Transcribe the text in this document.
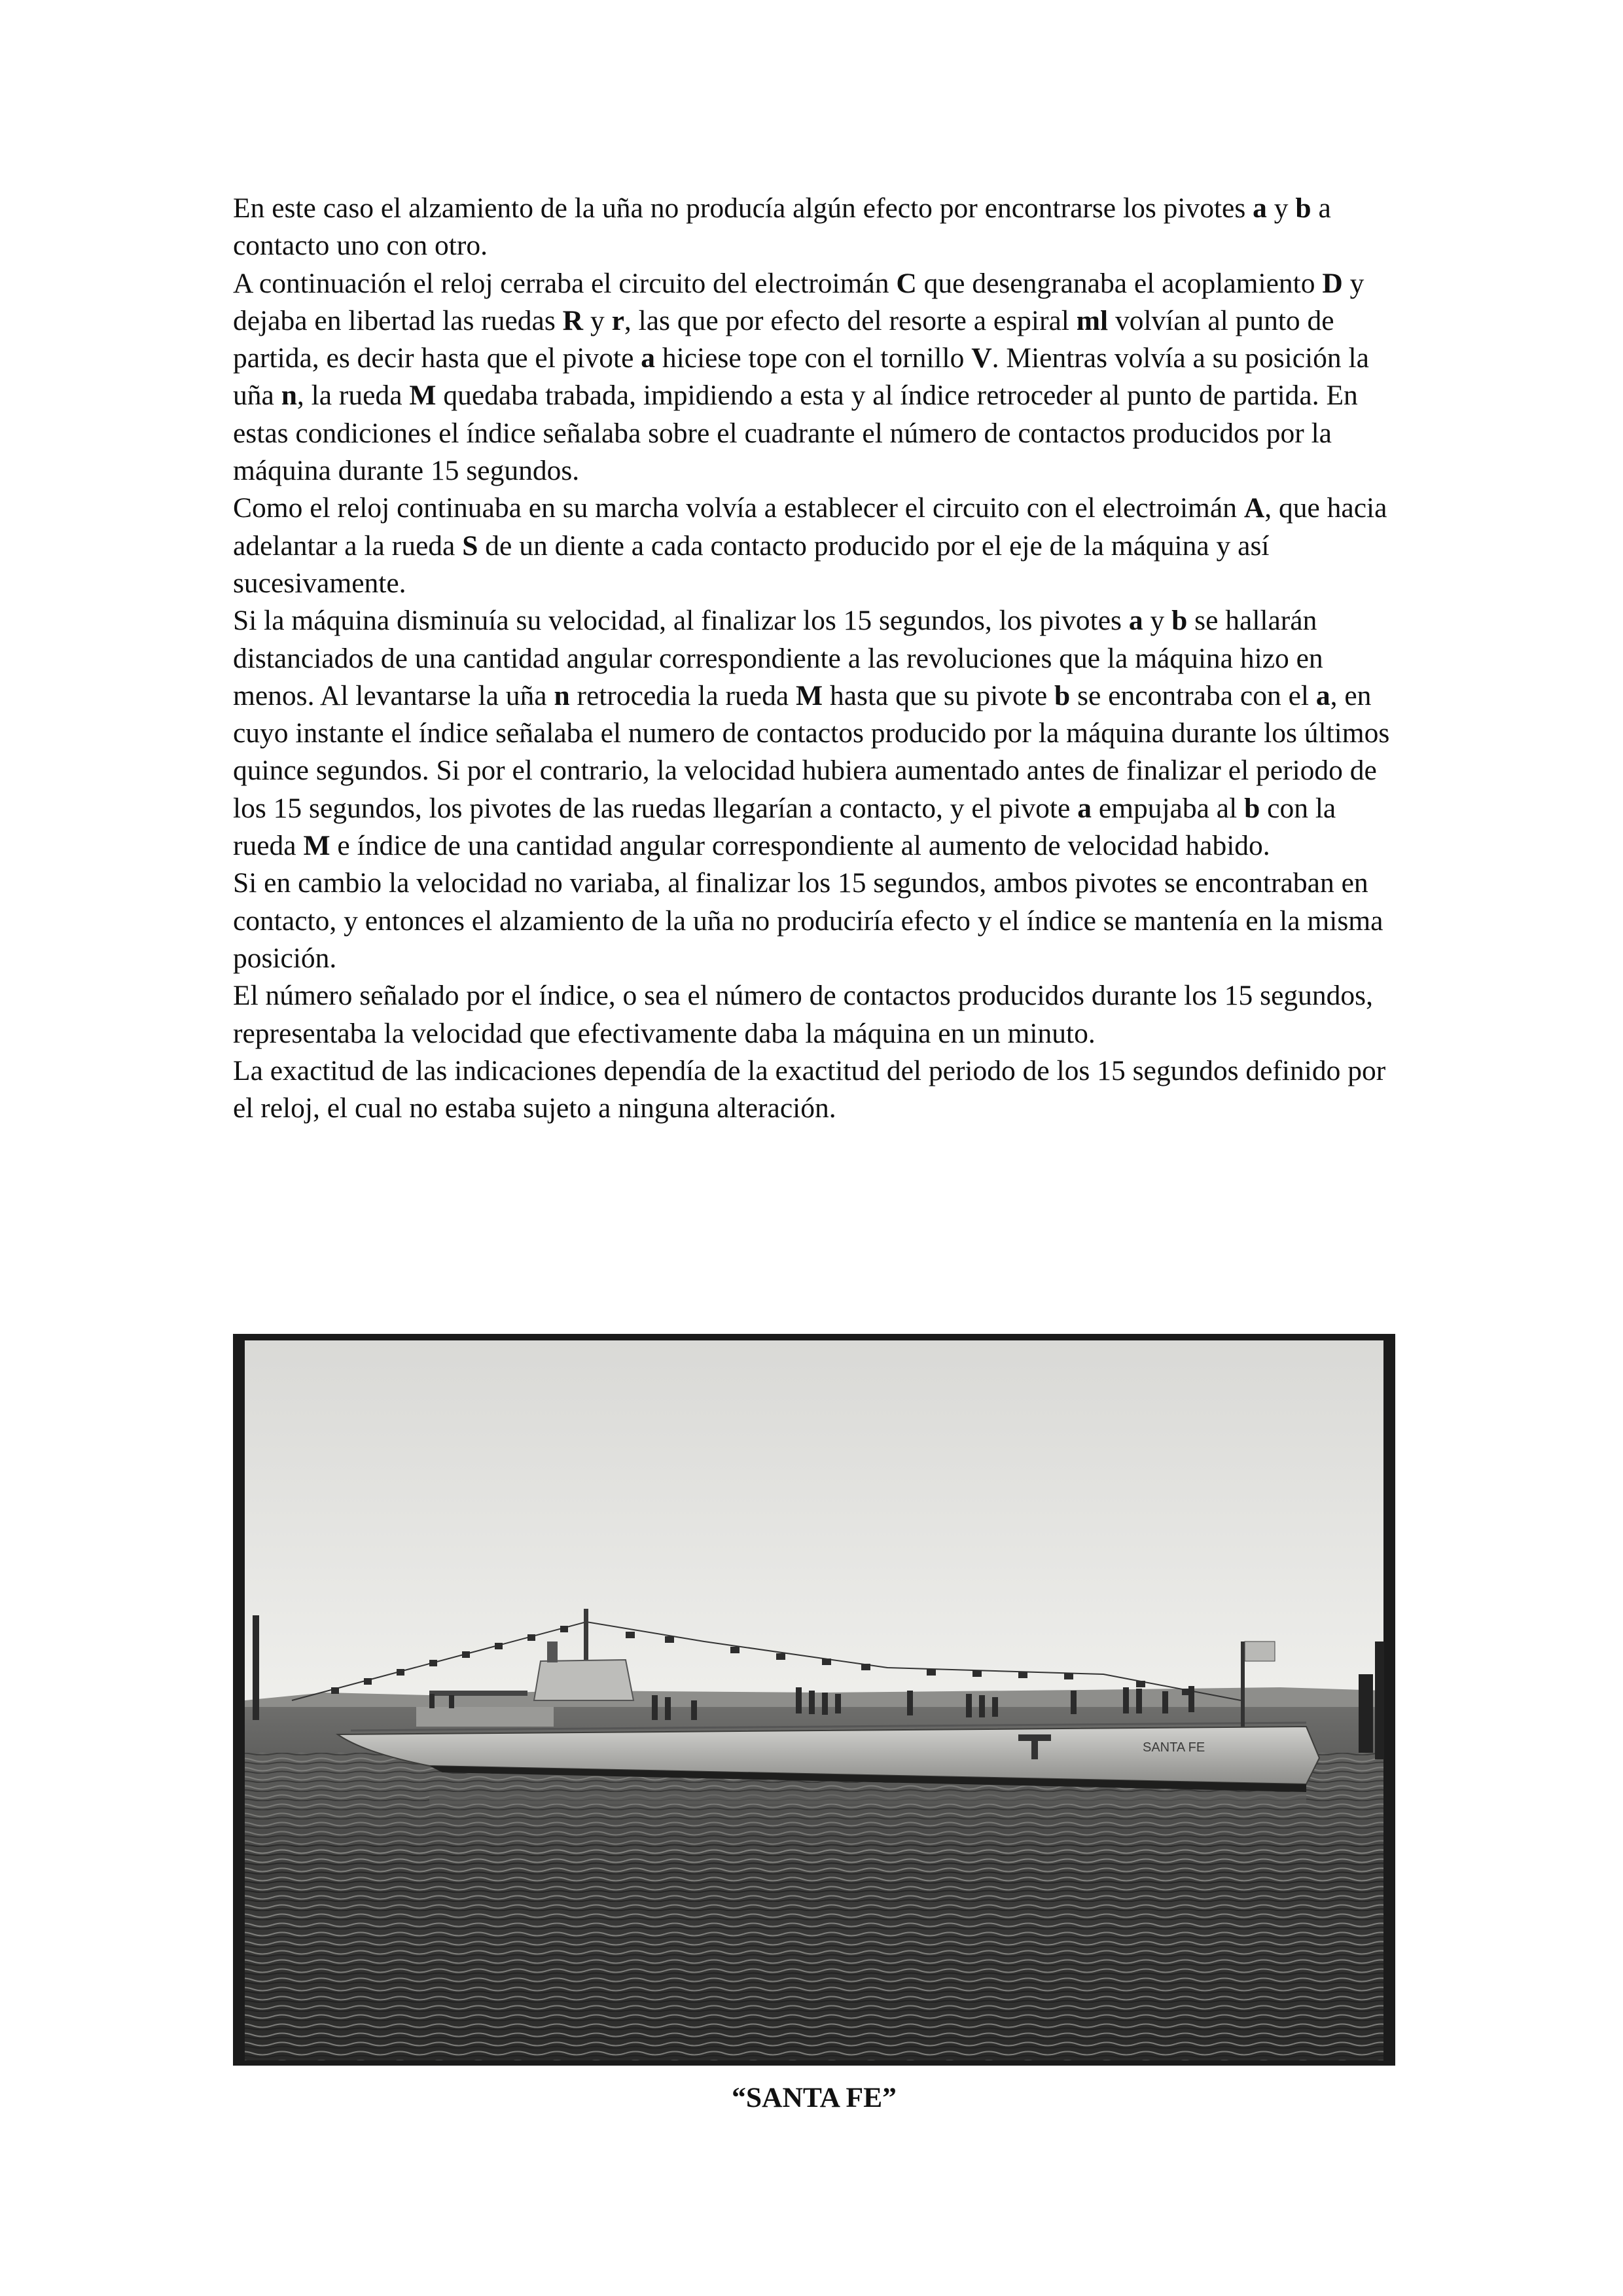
En este caso el alzamiento de la uña no producía algún efecto por encontrarse los pivotes a y b a contacto uno con otro.

A continuación el reloj cerraba el circuito del electroimán C que desengranaba el acoplamiento D y dejaba en libertad las ruedas R y r, las que por efecto del resorte a espiral ml volvían al punto de partida, es decir hasta que el pivote a hiciese tope con el tornillo V. Mientras volvía a su posición la uña n, la rueda M quedaba trabada, impidiendo a esta y al índice retroceder al punto de partida. En estas condiciones el índice señalaba sobre el cuadrante el número de contactos producidos por la máquina durante 15 segundos.

Como el reloj continuaba en su marcha volvía a establecer el circuito con el electroimán A, que hacia adelantar a la rueda S de un diente a cada contacto producido por el eje de la máquina y así sucesivamente.

Si la máquina disminuía su velocidad, al finalizar los 15 segundos, los pivotes a y b se hallarán distanciados de una cantidad angular correspondiente a las revoluciones que la máquina hizo en menos. Al levantarse la uña n retrocedia la rueda M hasta que su pivote b se encontraba con el a, en cuyo instante el índice señalaba el numero de contactos producido por la máquina durante los últimos quince segundos. Si por el contrario, la velocidad hubiera aumentado antes de finalizar el periodo de los 15 segundos, los pivotes de las ruedas llegarían a contacto, y el pivote a empujaba al b con la rueda M e índice de una cantidad angular correspondiente al aumento de velocidad habido.

Si en cambio la velocidad no variaba, al finalizar los 15 segundos, ambos pivotes se encontraban en contacto, y entonces el alzamiento de la uña no produciría efecto y el índice se mantenía en la misma posición.

El número señalado por el índice, o sea el número de contactos producidos durante los 15 segundos, representaba la velocidad que efectivamente daba la máquina en un minuto.

La exactitud de las indicaciones dependía de la exactitud del periodo de los 15 segundos definido por el reloj, el cual no estaba sujeto a ninguna alteración.

SANTA FE
“SANTA FE”
